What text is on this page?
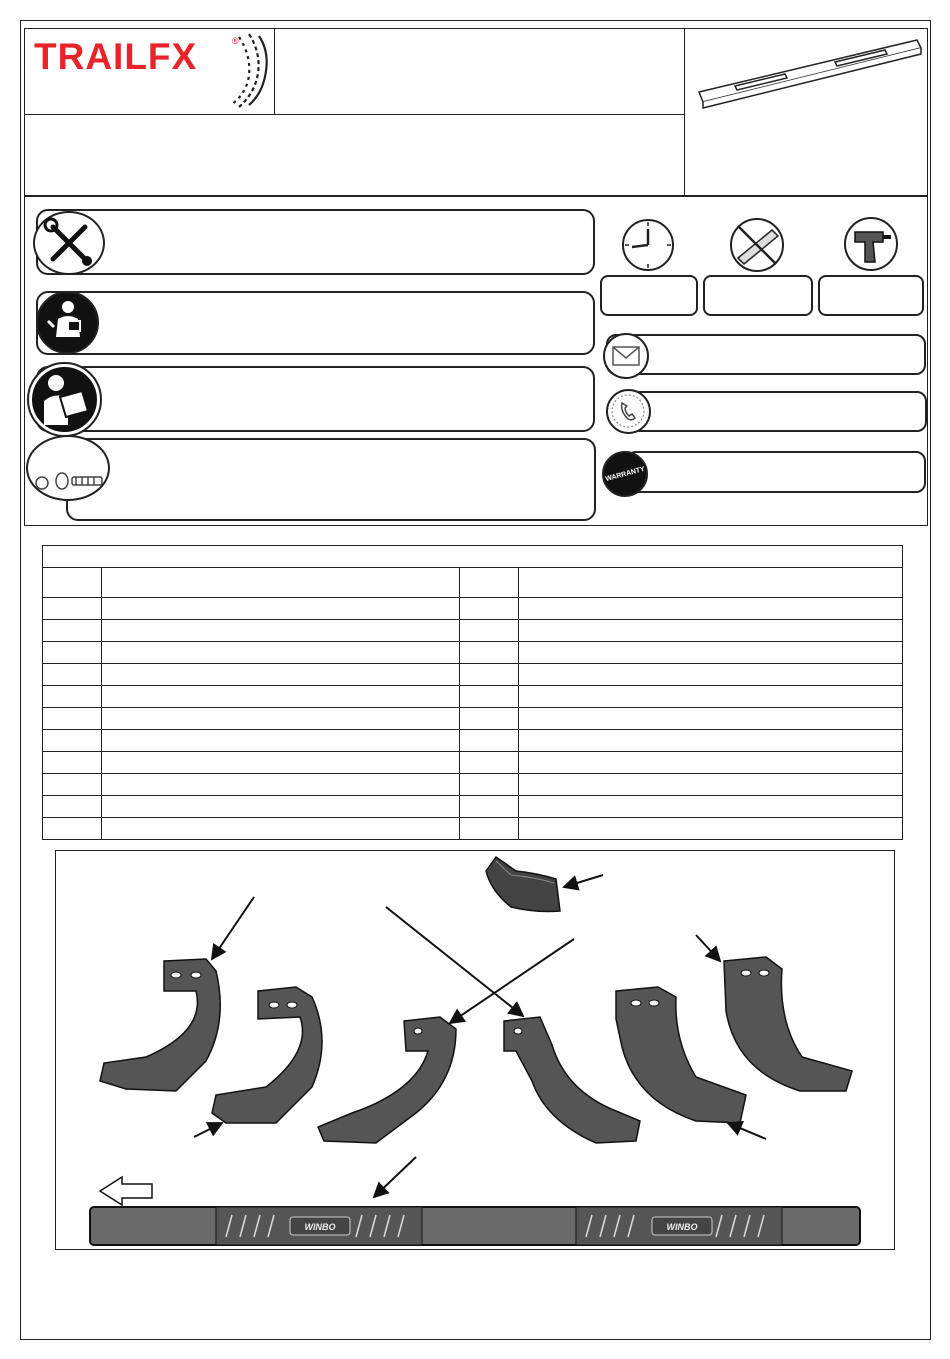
TRAILFX	®
WARRANTY

WINBO	WINBO
